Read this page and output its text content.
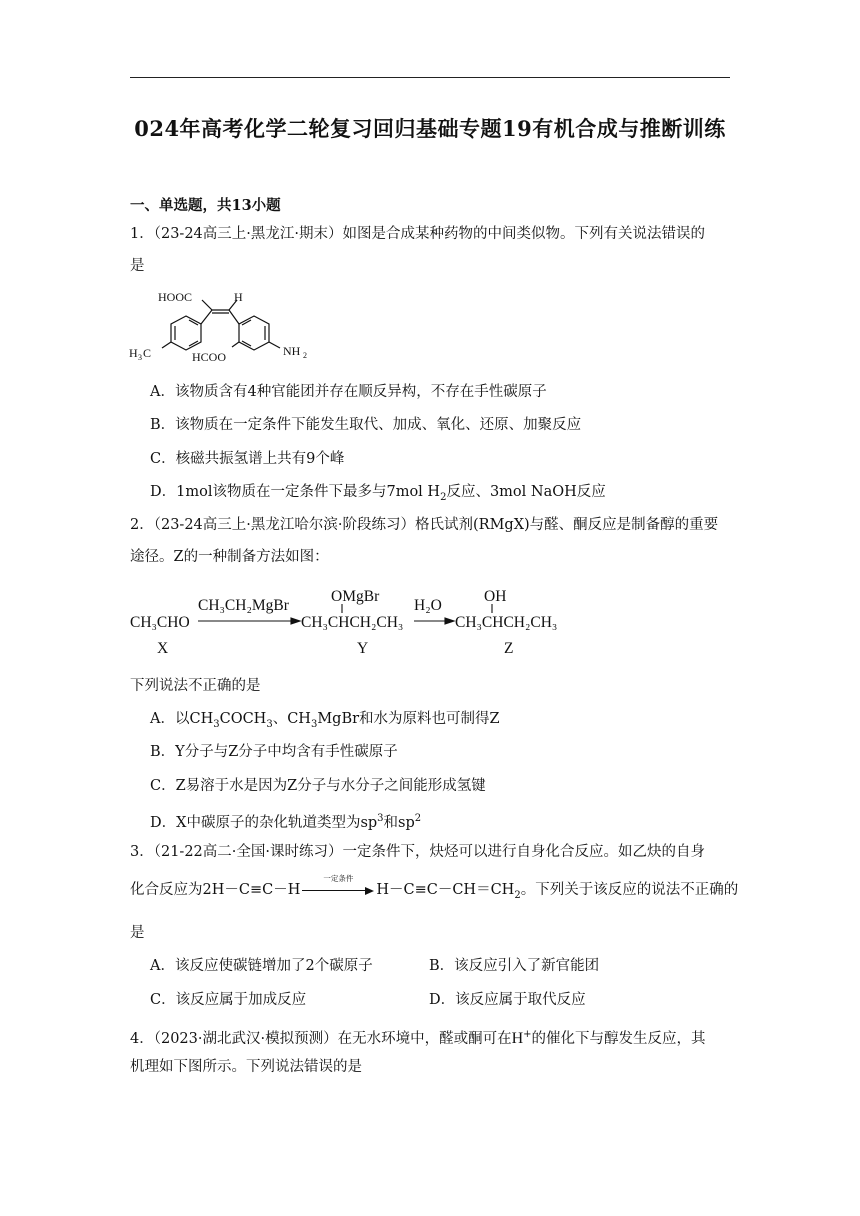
024年高考化学二轮复习回归基础专题19有机合成与推断训练
一、单选题，共13小题
1．（23-24高三上·黑龙江·期末）如图是合成某种药物的中间类似物。下列有关说法错误的
是
HOOC	H
H 3 C	HCOO	NH 2
A．该物质含有4种官能团并存在顺反异构，不存在手性碳原子
B．该物质在一定条件下能发生取代、加成、氧化、还原、加聚反应
C．核磁共振氢谱上共有9个峰
D．1mol该物质在一定条件下最多与7mol $H_2$反应、3mol NaOH反应
2．（23-24高三上·黑龙江哈尔滨·阶段练习）格氏试剂(RMgX)与醛、酮反应是制备醇的重要
途径。Z的一种制备方法如图：
CH₃CHO
CH₃CH₂MgBr
OMgBr
CH₃CHCH₂CH₃
H₂O
OH
CH₃CHCH₂CH₃
X	Y	Z
下列说法不正确的是
A．以$CH_3COCH_3$、$CH_3MgBr$和水为原料也可制得Z
B．Y分子与Z分子中均含有手性碳原子
C．Z易溶于水是因为Z分子与水分子之间能形成氢键
D．X中碳原子的杂化轨道类型为$sp^3$和$sp^2$
3．（21-22高二·全国·课时练习）一定条件下，炔烃可以进行自身化合反应。如乙炔的自身
化合反应为2H－C≡C－H
一定条件
$H-C\equiv C-CH=CH_2$。下列关于该反应的说法不正确的
是
A．该反应使碳链增加了2个碳原子	B．该反应引入了新官能团
C．该反应属于加成反应	D．该反应属于取代反应
4．（2023·湖北武汉·模拟预测）在无水环境中，醛或酮可在H+的催化下与醇发生反应，其
机理如下图所示。下列说法错误的是
